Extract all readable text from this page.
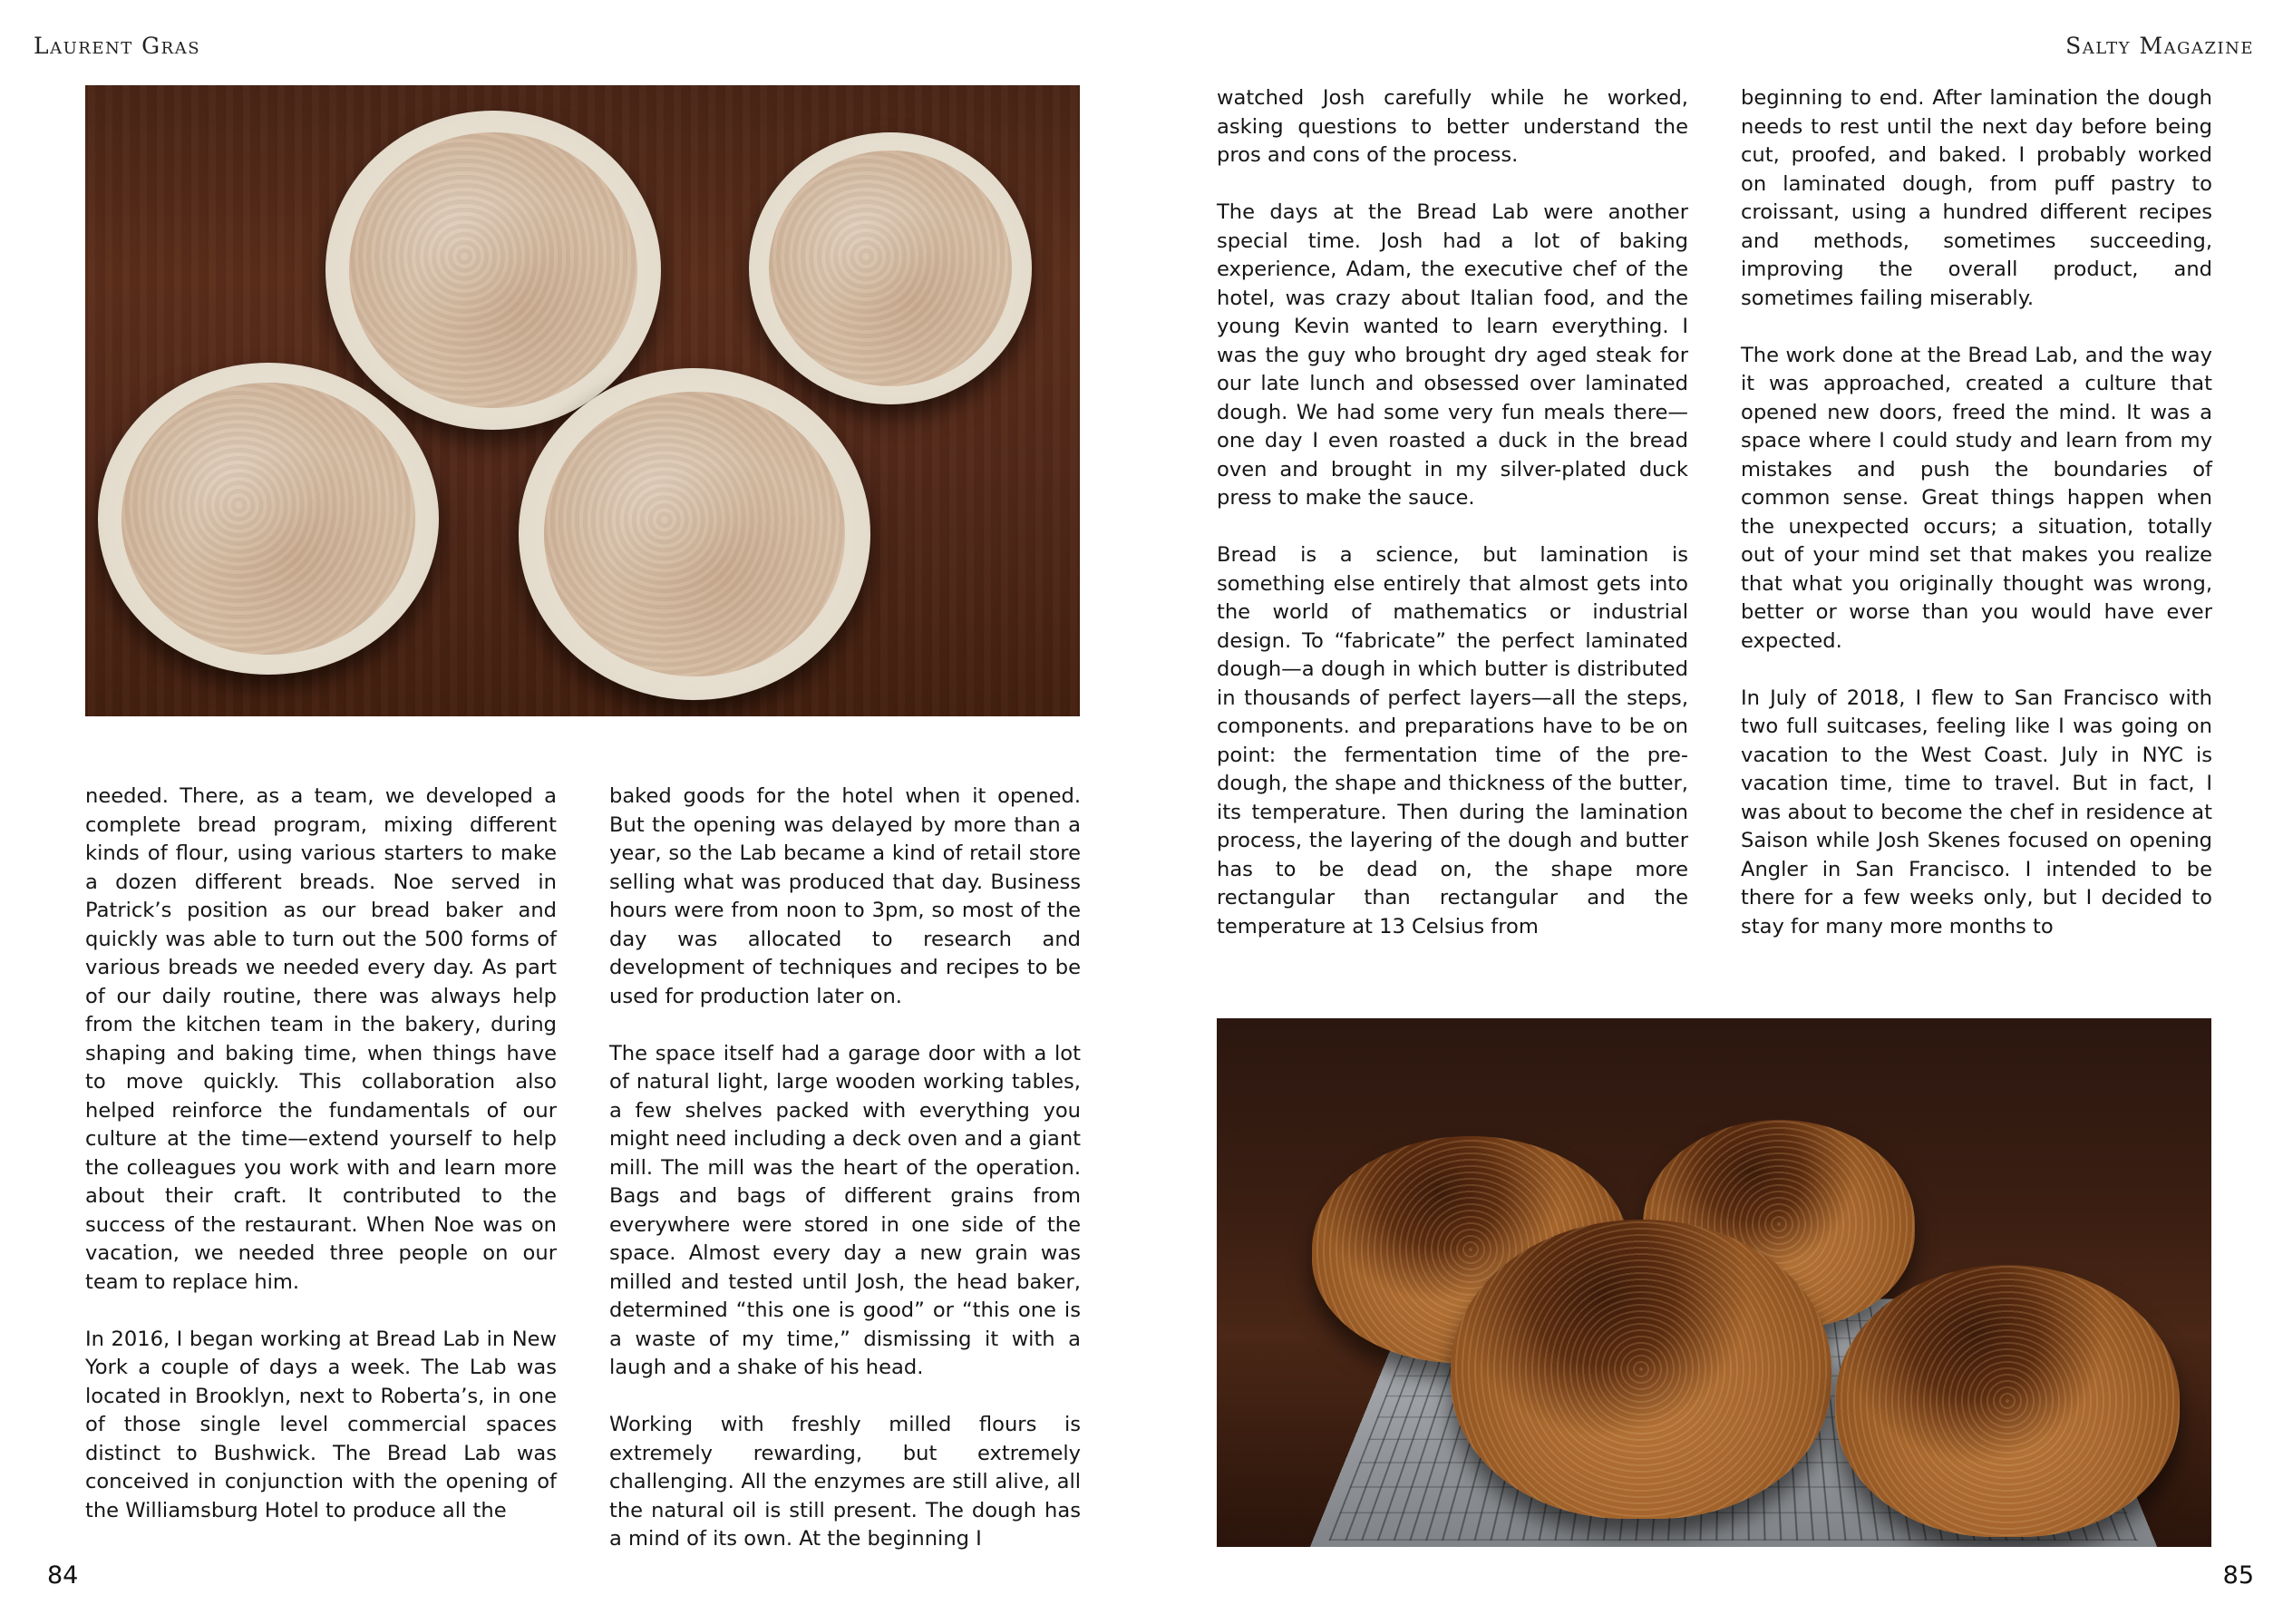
Laurent Gras

needed. There, as a team, we developed a complete bread program, mixing different kinds of flour, using various starters to make a dozen different breads. Noe served in Patrick’s position as our bread baker and quickly was able to turn out the 500 forms of various breads we needed every day. As part of our daily routine, there was always help from the kitchen team in the bakery, during shaping and baking time, when things have to move quickly. This collaboration also helped reinforce the fundamentals of our culture at the time—extend yourself to help the colleagues you work with and learn more about their craft. It contributed to the success of the restaurant. When Noe was on vacation, we needed three people on our team to replace him.

In 2016, I began working at Bread Lab in New York a couple of days a week. The Lab was located in Brooklyn, next to Roberta’s, in one of those single level commercial spaces distinct to Bushwick. The Bread Lab was conceived in conjunction with the opening of the Williamsburg Hotel to produce all the

baked goods for the hotel when it opened. But the opening was delayed by more than a year, so the Lab became a kind of retail store selling what was produced that day. Business hours were from noon to 3pm, so most of the day was allocated to research and development of techniques and recipes to be used for production later on.

The space itself had a garage door with a lot of natural light, large wooden working tables, a few shelves packed with everything you might need including a deck oven and a giant mill. The mill was the heart of the operation. Bags and bags of different grains from everywhere were stored in one side of the space. Almost every day a new grain was milled and tested until Josh, the head baker, determined “this one is good” or “this one is a waste of my time,” dismissing it with a laugh and a shake of his head.

Working with freshly milled flours is extremely rewarding, but extremely challenging. All the enzymes are still alive, all the natural oil is still present. The dough has a mind of its own. At the beginning I

84
Salty Magazine

watched Josh carefully while he worked, asking questions to better understand the pros and cons of the process.

The days at the Bread Lab were another special time. Josh had a lot of baking experience, Adam, the executive chef of the hotel, was crazy about Italian food, and the young Kevin wanted to learn everything. I was the guy who brought dry aged steak for our late lunch and obsessed over laminated dough. We had some very fun meals there—one day I even roasted a duck in the bread oven and brought in my silver-plated duck press to make the sauce.

Bread is a science, but lamination is something else entirely that almost gets into the world of mathematics or industrial design. To “fabricate” the perfect laminated dough—a dough in which butter is distributed in thousands of perfect layers—all the steps, components. and preparations have to be on point: the fermentation time of the pre-dough, the shape and thickness of the butter, its temperature. Then during the lamination process, the layering of the dough and butter has to be dead on, the shape more rectangular than rectangular and the temperature at 13 Celsius from

beginning to end. After lamination the dough needs to rest until the next day before being cut, proofed, and baked. I probably worked on laminated dough, from puff pastry to croissant, using a hundred different recipes and methods, sometimes succeeding, improving the overall product, and sometimes failing miserably.

The work done at the Bread Lab, and the way it was approached, created a culture that opened new doors, freed the mind. It was a space where I could study and learn from my mistakes and push the boundaries of common sense. Great things happen when the unexpected occurs; a situation, totally out of your mind set that makes you realize that what you originally thought was wrong, better or worse than you would have ever expected.

In July of 2018, I flew to San Francisco with two full suitcases, feeling like I was going on vacation to the West Coast. July in NYC is vacation time, time to travel. But in fact, I was about to become the chef in residence at Saison while Josh Skenes focused on opening Angler in San Francisco. I intended to be there for a few weeks only, but I decided to stay for many more months to

85
